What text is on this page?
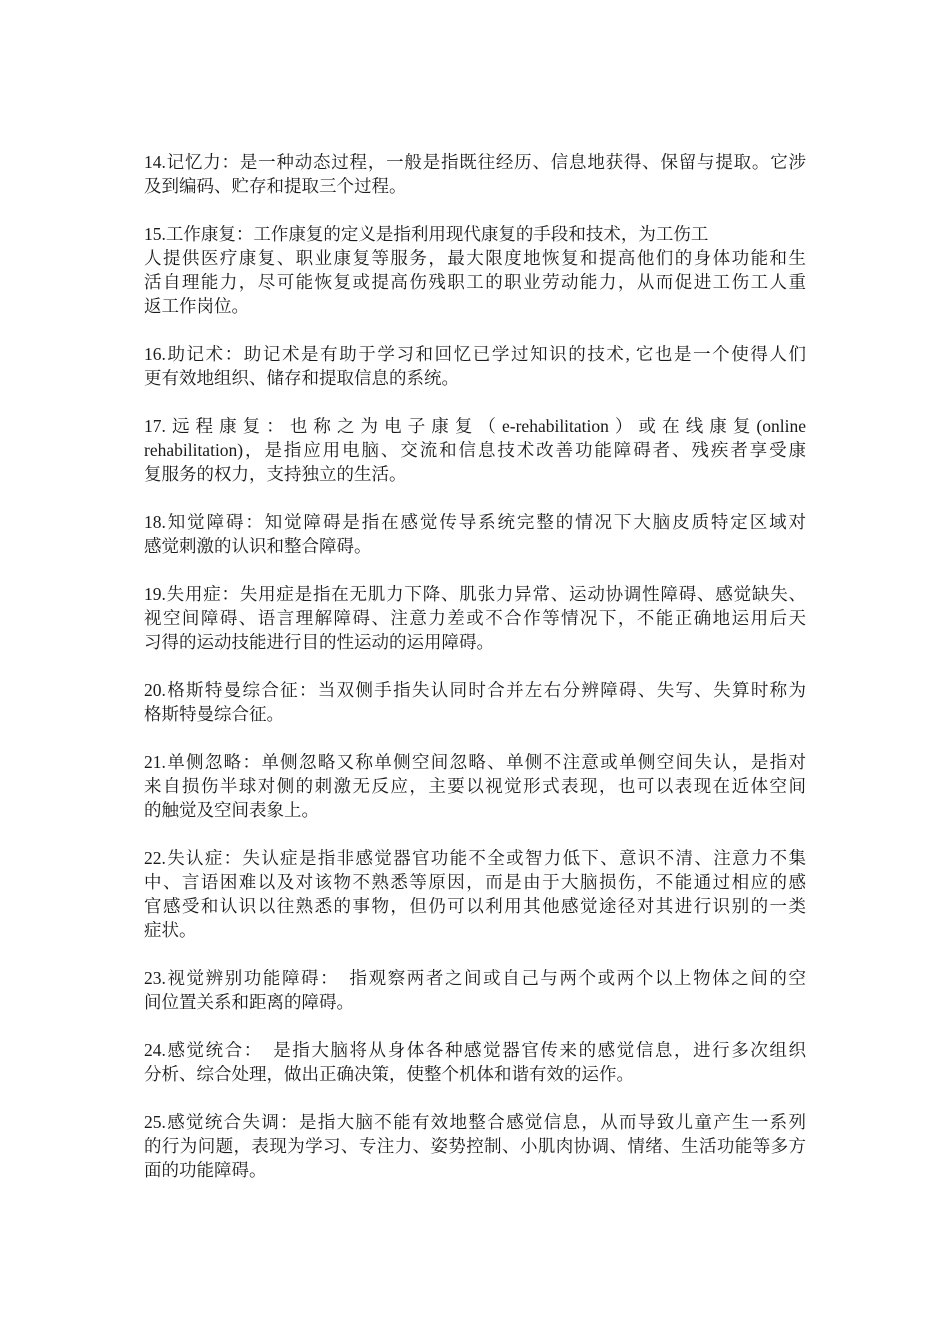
14.记忆力：是一种动态过程，一般是指既往经历、信息地获得、保留与提取。它涉
及到编码、贮存和提取三个过程。
15.工作康复：工作康复的定义是指利用现代康复的手段和技术，为工伤工
人提供医疗康复、职业康复等服务，最大限度地恢复和提高他们的身体功能和生
活自理能力，尽可能恢复或提高伤残职工的职业劳动能力，从而促进工伤工人重
返工作岗位。
16.助记术：助记术是有助于学习和回忆已学过知识的技术, 它也是一个使得人们
更有效地组织、储存和提取信息的系统。
17.远程康复：也称之为电子康复（e-rehabilitation）或在线康复(online
rehabilitation)，是指应用电脑、交流和信息技术改善功能障碍者、残疾者享受康
复服务的权力，支持独立的生活。
18.知觉障碍：知觉障碍是指在感觉传导系统完整的情况下大脑皮质特定区域对
感觉刺激的认识和整合障碍。
19.失用症：失用症是指在无肌力下降、肌张力异常、运动协调性障碍、感觉缺失、
视空间障碍、语言理解障碍、注意力差或不合作等情况下，不能正确地运用后天
习得的运动技能进行目的性运动的运用障碍。
20.格斯特曼综合征：当双侧手指失认同时合并左右分辨障碍、失写、失算时称为
格斯特曼综合征。
21.单侧忽略：单侧忽略又称单侧空间忽略、单侧不注意或单侧空间失认，是指对
来自损伤半球对侧的刺激无反应，主要以视觉形式表现，也可以表现在近体空间
的触觉及空间表象上。
22.失认症：失认症是指非感觉器官功能不全或智力低下、意识不清、注意力不集
中、言语困难以及对该物不熟悉等原因，而是由于大脑损伤，不能通过相应的感
官感受和认识以往熟悉的事物，但仍可以利用其他感觉途径对其进行识别的一类
症状。
23.视觉辨别功能障碍：　指观察两者之间或自己与两个或两个以上物体之间的空
间位置关系和距离的障碍。
24.感觉统合：　是指大脑将从身体各种感觉器官传来的感觉信息，进行多次组织
分析、综合处理，做出正确决策，使整个机体和谐有效的运作。
25.感觉统合失调：是指大脑不能有效地整合感觉信息，从而导致儿童产生一系列
的行为问题，表现为学习、专注力、姿势控制、小肌肉协调、情绪、生活功能等多方
面的功能障碍。
